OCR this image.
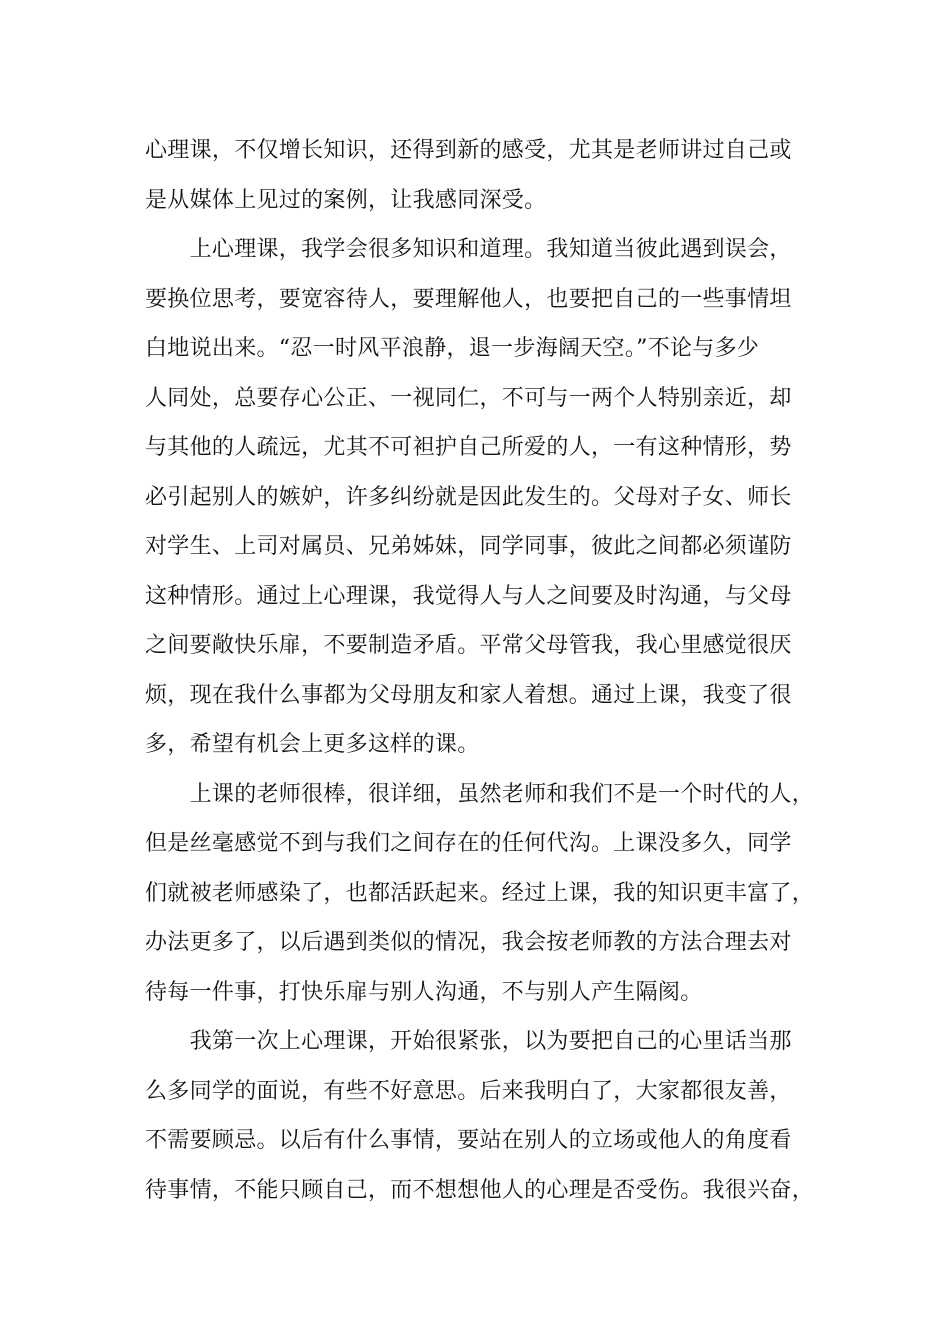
心理课，不仅增长知识，还得到新的感受，尤其是老师讲过自己或
是从媒体上见过的案例，让我感同深受。
　　上心理课，我学会很多知识和道理。我知道当彼此遇到误会，
要换位思考，要宽容待人，要理解他人，也要把自己的一些事情坦
白地说出来。“忍一时风平浪静，退一步海阔天空。”不论与多少
人同处，总要存心公正、一视同仁，不可与一两个人特别亲近，却
与其他的人疏远，尤其不可袒护自己所爱的人，一有这种情形，势
必引起别人的嫉妒，许多纠纷就是因此发生的。父母对子女、师长
对学生、上司对属员、兄弟姊妹，同学同事，彼此之间都必须谨防
这种情形。通过上心理课，我觉得人与人之间要及时沟通，与父母
之间要敞快乐扉，不要制造矛盾。平常父母管我，我心里感觉很厌
烦，现在我什么事都为父母朋友和家人着想。通过上课，我变了很
多，希望有机会上更多这样的课。
　　上课的老师很棒，很详细，虽然老师和我们不是一个时代的人，
但是丝毫感觉不到与我们之间存在的任何代沟。上课没多久，同学
们就被老师感染了，也都活跃起来。经过上课，我的知识更丰富了，
办法更多了，以后遇到类似的情况，我会按老师教的方法合理去对
待每一件事，打快乐扉与别人沟通，不与别人产生隔阂。
　　我第一次上心理课，开始很紧张，以为要把自己的心里话当那
么多同学的面说，有些不好意思。后来我明白了，大家都很友善，
不需要顾忌。以后有什么事情，要站在别人的立场或他人的角度看
待事情，不能只顾自己，而不想想他人的心理是否受伤。我很兴奋，
